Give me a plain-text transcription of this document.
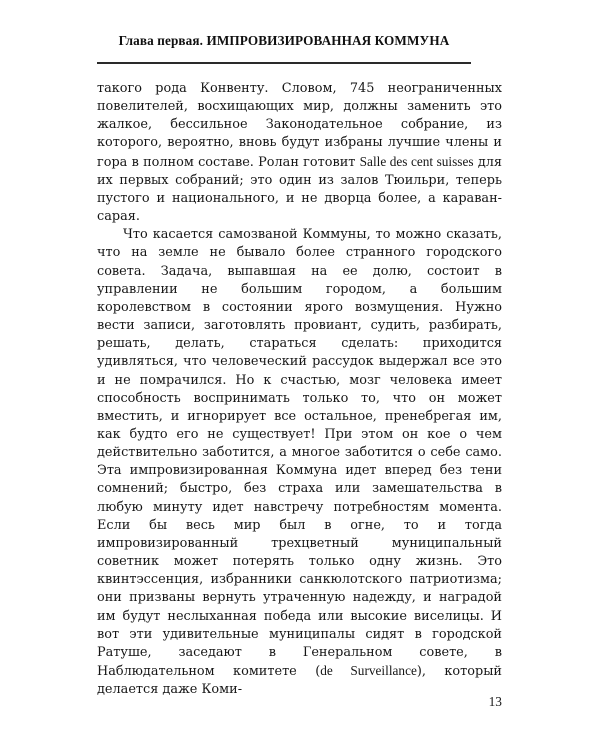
Глава первая. ИМПРОВИЗИРОВАННАЯ КОММУНА

такого рода Конвенту. Словом, 745 неограниченных повелителей, восхищающих мир, должны заменить это жалкое, бессильное Законодательное собрание, из которого, вероятно, вновь будут избраны лучшие члены и гора в полном составе. Ролан готовит Salle des cent suisses для их первых собраний; это один из залов Тюильри, теперь пустого и национального, и не дворца более, а караван-сарая.

Что касается самозваной Коммуны, то можно сказать, что на земле не бывало более странного городского совета. Задача, выпавшая на ее долю, состоит в управлении не большим городом, а большим королевством в состоянии ярого возмущения. Нужно вести записи, заготовлять провиант, судить, разбирать, решать, делать, стараться сделать: приходится удивляться, что человеческий рассудок выдержал все это и не помрачился. Но к счастью, мозг человека имеет способность воспринимать только то, что он может вместить, и игнорирует все остальное, пренебрегая им, как будто его не существует! При этом он кое о чем действительно заботится, а многое заботится о себе само. Эта импровизированная Коммуна идет вперед без тени сомнений; быстро, без страха или замешательства в любую минуту идет навстречу потребностям момента. Если бы весь мир был в огне, то и тогда импровизированный трехцветный муниципальный советник может потерять только одну жизнь. Это квинтэссенция, избранники санкюлотского патриотизма; они призваны вернуть утраченную надежду, и наградой им будут неслыханная победа или высокие виселицы. И вот эти удивительные муниципалы сидят в городской Ратуше, заседают в Генеральном совете, в Наблюдательном комитете (de Surveillance), который делается даже Коми-

13
